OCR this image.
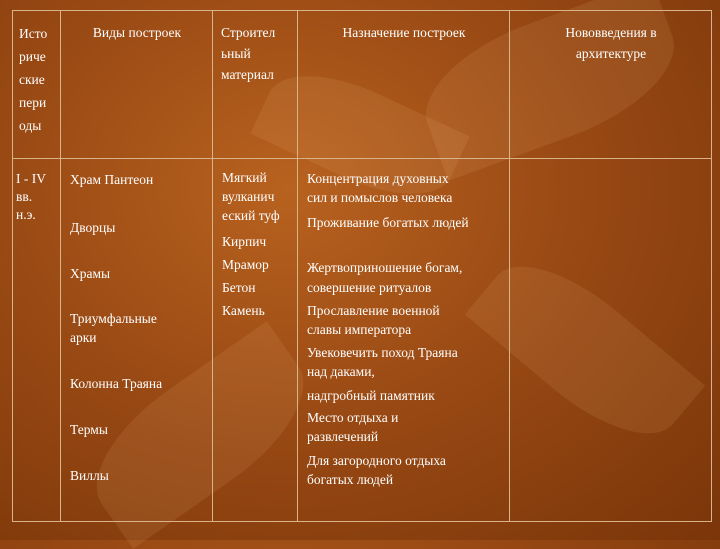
Исто
риче
ские
пери
оды
Виды построек	Строител
ьный
материал
Назначение построек	Нововведения в
архитектуре
I - IV
вв.
н.э.
Храм Пантеон
Дворцы
Храмы
Триумфальные
арки
Колонна Траяна
Термы
Виллы
Мягкий
вулканич
еский туф
Кирпич
Мрамор
Бетон
Камень
Концентрация духовных
сил и помыслов человека
Проживание богатых людей
Жертвоприношение богам,
совершение ритуалов
Прославление военной
славы императора
Увековечить поход Траяна
над даками,
надгробный памятник
Место отдыха и
развлечений
Для загородного отдыха
богатых людей
